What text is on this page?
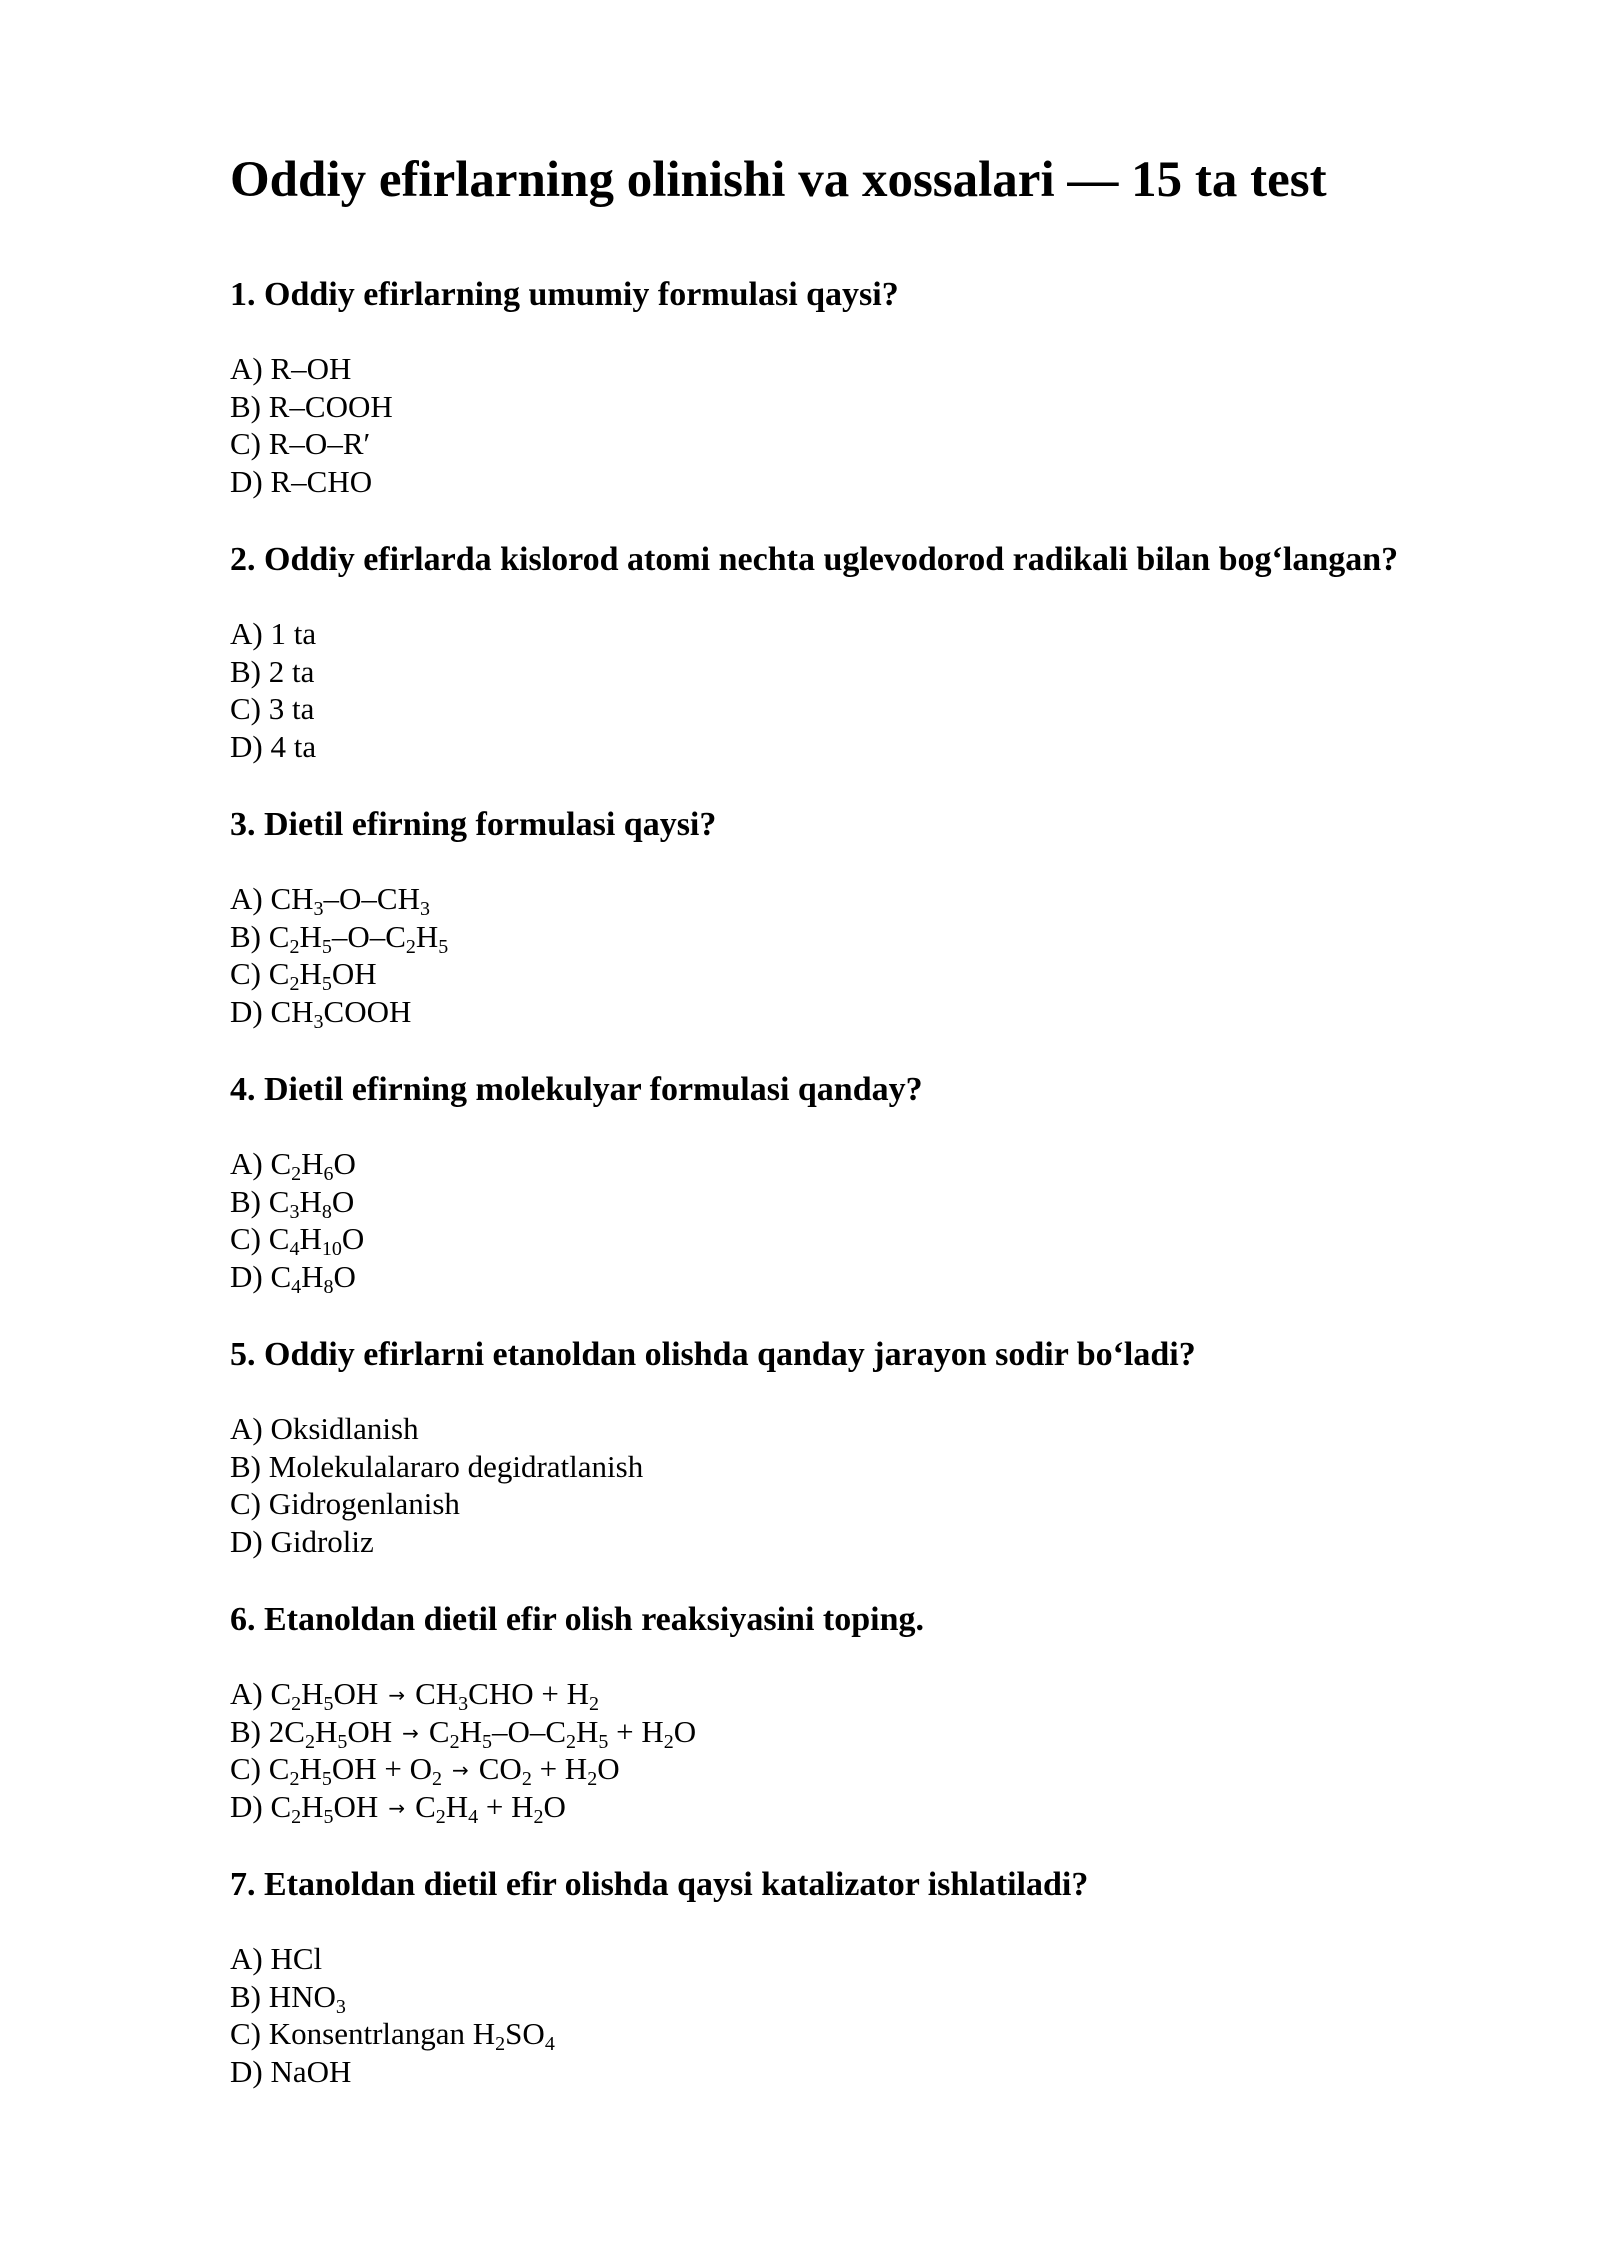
Oddiy efirlarning olinishi va xossalari — 15 ta test

1. Oddiy efirlarning umumiy formulasi qaysi?

A) R–OH
B) R–COOH
C) R–O–R′
D) R–CHO

2. Oddiy efirlarda kislorod atomi nechta uglevodorod radikali bilan bog‘langan?

A) 1 ta
B) 2 ta
C) 3 ta
D) 4 ta

3. Dietil efirning formulasi qaysi?

A) $CH_3-O-CH_3$
B) $C_2H_5-O-C_2H_5$
C) $C_2H_5OH$
D) $CH_3COOH$

4. Dietil efirning molekulyar formulasi qanday?

A) $C_2H_6O$
B) $C_3H_8O$
C) $C_4H_{10}O$
D) $C_4H_8O$

5. Oddiy efirlarni etanoldan olishda qanday jarayon sodir bo‘ladi?

A) Oksidlanish
B) Molekulalararo degidratlanish
C) Gidrogenlanish
D) Gidroliz

6. Etanoldan dietil efir olish reaksiyasini toping.

A) $C_2H_5OH \to CH_3CHO + H_2$
B) $2C_2H_5OH \to C_2H_5-O-C_2H_5 + H_2O$
C) $C_2H_5OH + O_2 \to CO_2 + H_2O$
D) $C_2H_5OH \to C_2H_4 + H_2O$

7. Etanoldan dietil efir olishda qaysi katalizator ishlatiladi?

A) HCl
B) $HNO_3$
C) Konsentrlangan $H_2SO_4$
D) NaOH
